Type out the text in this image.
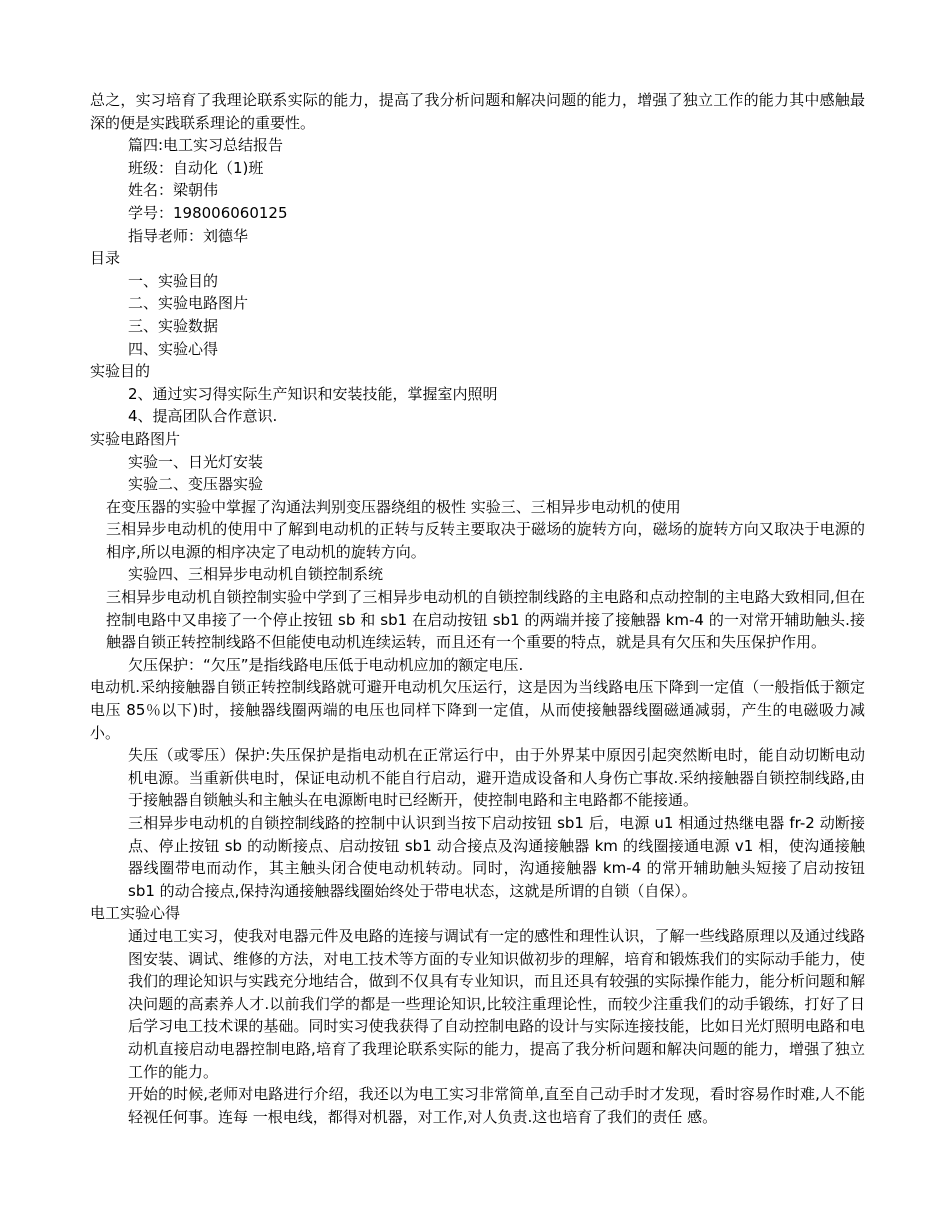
总之，实习培育了我理论联系实际的能力，提高了我分析问题和解决问题的能力，增强了独立工作的能力其中感触最深的便是实践联系理论的重要性。
篇四:电工实习总结报告
班级：自动化（1)班
姓名：梁朝伟
学号：198006060125
指导老师：刘德华
目录
一、实验目的
二、实验电路图片
三、实验数据
四、实验心得
实验目的
2、通过实习得实际生产知识和安装技能，掌握室内照明
4、提高团队合作意识.
实验电路图片
实验一、日光灯安装
实验二、变压器实验
在变压器的实验中掌握了沟通法判别变压器绕组的极性 实验三、三相异步电动机的使用
三相异步电动机的使用中了解到电动机的正转与反转主要取决于磁场的旋转方向，磁场的旋转方向又取决于电源的相序,所以电源的相序决定了电动机的旋转方向。
实验四、三相异步电动机自锁控制系统
三相异步电动机自锁控制实验中学到了三相异步电动机的自锁控制线路的主电路和点动控制的主电路大致相同,但在控制电路中又串接了一个停止按钮 sb 和 sb1 在启动按钮 sb1 的两端并接了接触器 km-4 的一对常开辅助触头.接触器自锁正转控制线路不但能使电动机连续运转，而且还有一个重要的特点，就是具有欠压和失压保护作用。
欠压保护：“欠压”是指线路电压低于电动机应加的额定电压.
电动机.采纳接触器自锁正转控制线路就可避开电动机欠压运行，这是因为当线路电压下降到一定值（一般指低于额定电压 85％以下)时，接触器线圈两端的电压也同样下降到一定值，从而使接触器线圈磁通减弱，产生的电磁吸力减小。
失压（或零压）保护:失压保护是指电动机在正常运行中，由于外界某中原因引起突然断电时，能自动切断电动机电源。当重新供电时，保证电动机不能自行启动，避开造成设备和人身伤亡事故.采纳接触器自锁控制线路,由于接触器自锁触头和主触头在电源断电时已经断开，使控制电路和主电路都不能接通。
三相异步电动机的自锁控制线路的控制中认识到当按下启动按钮 sb1 后，电源 u1 相通过热继电器 fr-2 动断接点、停止按钮 sb 的动断接点、启动按钮 sb1 动合接点及沟通接触器 km 的线圈接通电源 v1 相，使沟通接触器线圈带电而动作，其主触头闭合使电动机转动。同时，沟通接触器 km-4 的常开辅助触头短接了启动按钮 sb1 的动合接点,保持沟通接触器线圈始终处于带电状态，这就是所谓的自锁（自保）。
电工实验心得
通过电工实习，使我对电器元件及电路的连接与调试有一定的感性和理性认识，了解一些线路原理以及通过线路图安装、调试、维修的方法，对电工技术等方面的专业知识做初步的理解，培育和锻炼我们的实际动手能力，使我们的理论知识与实践充分地结合，做到不仅具有专业知识，而且还具有较强的实际操作能力，能分析问题和解决问题的高素养人才.以前我们学的都是一些理论知识,比较注重理论性，而较少注重我们的动手锻练，打好了日后学习电工技术课的基础。同时实习使我获得了自动控制电路的设计与实际连接技能，比如日光灯照明电路和电动机直接启动电器控制电路,培育了我理论联系实际的能力，提高了我分析问题和解决问题的能力，增强了独立工作的能力。
开始的时候,老师对电路进行介绍，我还以为电工实习非常简单,直至自己动手时才发现，看时容易作时难,人不能轻视任何事。连每 一根电线，都得对机器，对工作,对人负责.这也培育了我们的责任 感。
